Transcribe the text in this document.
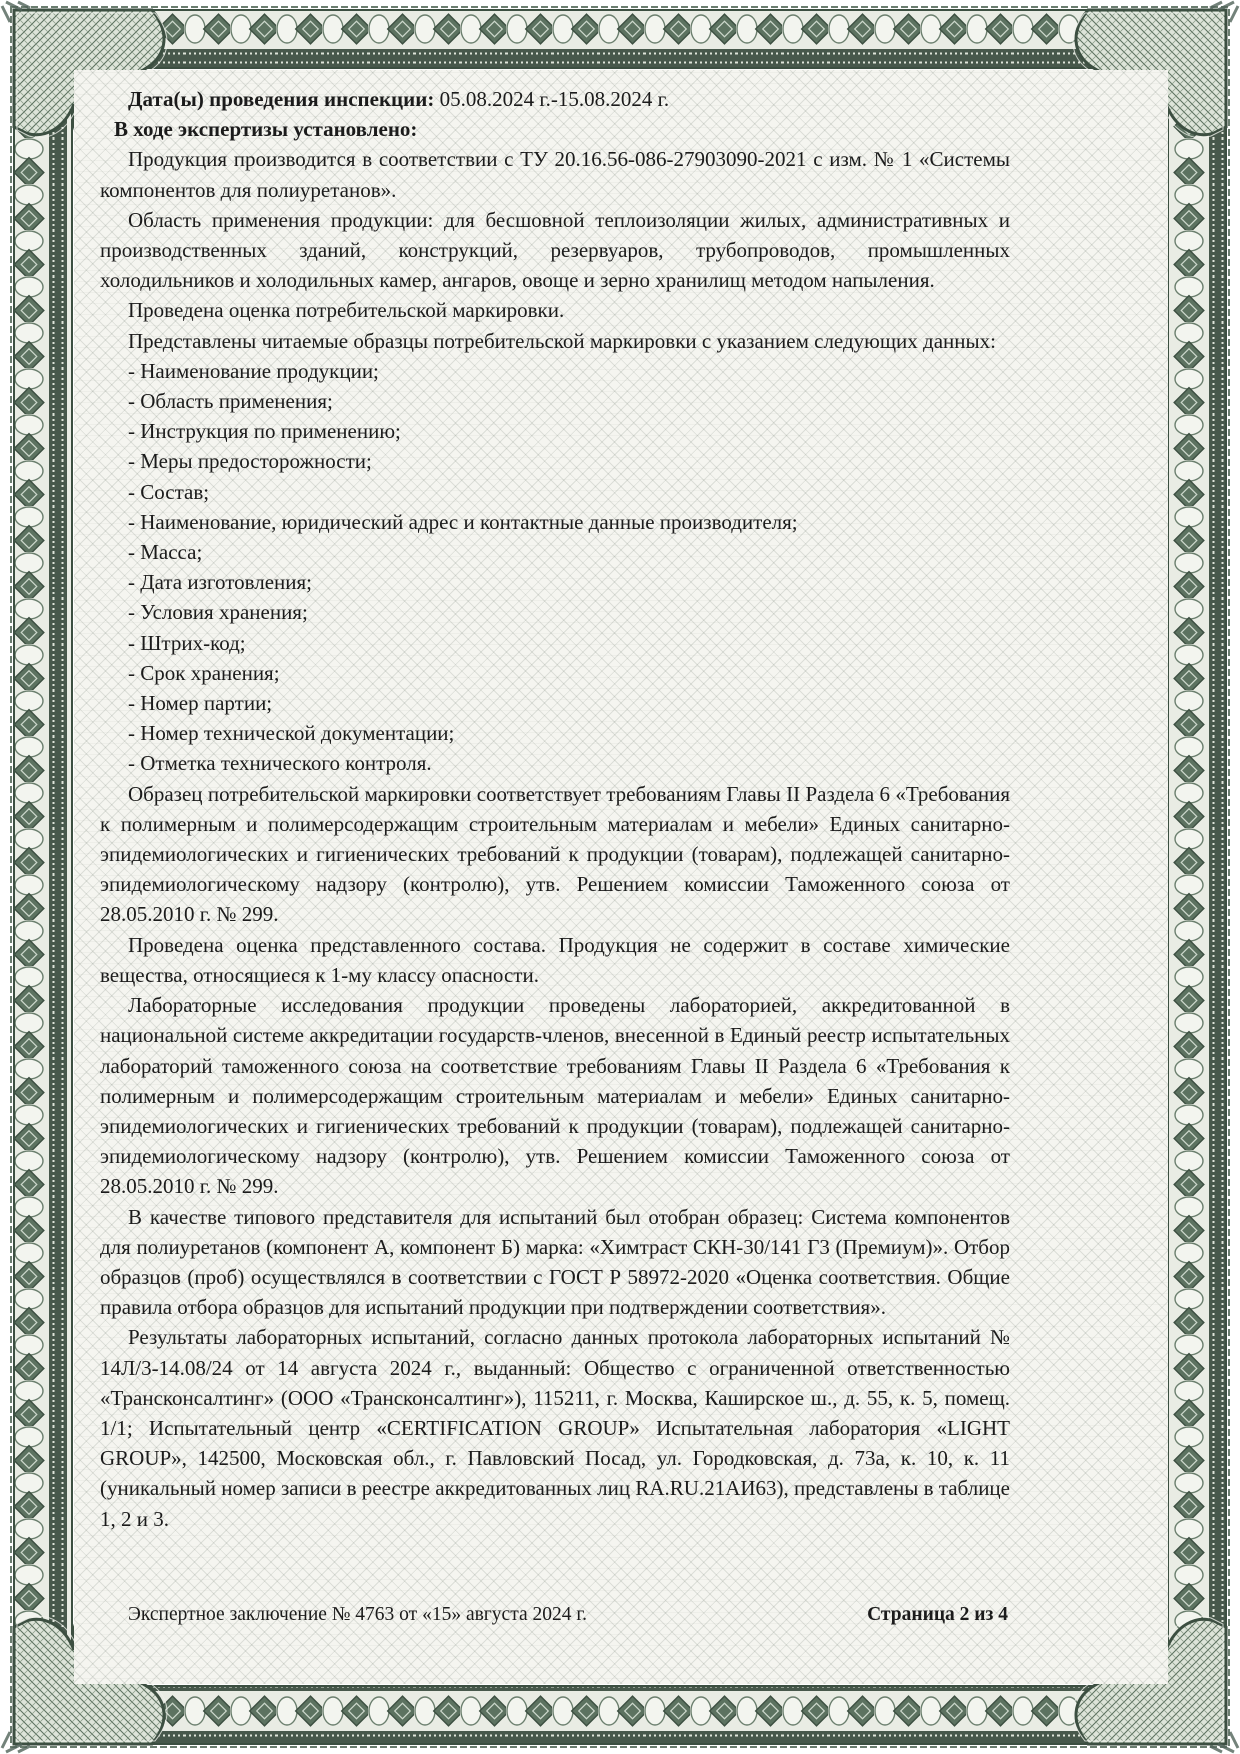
Дата(ы) проведения инспекции: 05.08.2024 г.-15.08.2024 г.

В ходе экспертизы установлено:

Продукция производится в соответствии с ТУ 20.16.56-086-27903090-2021 с изм. № 1 «Системы компонентов для полиуретанов».

Область применения продукции: для бесшовной теплоизоляции жилых, административных и производственных зданий, конструкций, резервуаров, трубопроводов, промышленных холодильников и холодильных камер, ангаров, овоще и зерно хранилищ методом напыления.

Проведена оценка потребительской маркировки.

Представлены читаемые образцы потребительской маркировки с указанием следующих данных:

- Наименование продукции;
- Область применения;
- Инструкция по применению;
- Меры предосторожности;
- Состав;
- Наименование, юридический адрес и контактные данные производителя;
- Масса;
- Дата изготовления;
- Условия хранения;
- Штрих-код;
- Срок хранения;
- Номер партии;
- Номер технической документации;
- Отметка технического контроля.

Образец потребительской маркировки соответствует требованиям Главы II Раздела 6 «Требования к полимерным и полимерсодержащим строительным материалам и мебели» Единых санитарно-эпидемиологических и гигиенических требований к продукции (товарам), подлежащей санитарно-эпидемиологическому надзору (контролю), утв. Решением комиссии Таможенного союза от 28.05.2010 г. № 299.

Проведена оценка представленного состава. Продукция не содержит в составе химические вещества, относящиеся к 1-му классу опасности.

Лабораторные исследования продукции проведены лабораторией, аккредитованной в национальной системе аккредитации государств-членов, внесенной в Единый реестр испытательных лабораторий таможенного союза на соответствие требованиям Главы II Раздела 6 «Требования к полимерным и полимерсодержащим строительным материалам и мебели» Единых санитарно-эпидемиологических и гигиенических требований к продукции (товарам), подлежащей санитарно-эпидемиологическому надзору (контролю), утв. Решением комиссии Таможенного союза от 28.05.2010 г. № 299.

В качестве типового представителя для испытаний был отобран образец: Система компонентов для полиуретанов (компонент А, компонент Б) марка: «Химтраст СКН-30/141 Г3 (Премиум)». Отбор образцов (проб) осуществлялся в соответствии с ГОСТ Р 58972-2020 «Оценка соответствия. Общие правила отбора образцов для испытаний продукции при подтверждении соответствия».

Результаты лабораторных испытаний, согласно данных протокола лабораторных испытаний № 14Л/3-14.08/24 от 14 августа 2024 г., выданный: Общество с ограниченной ответственностью «Трансконсалтинг» (ООО «Трансконсалтинг»), 115211, г. Москва, Каширское ш., д. 55, к. 5, помещ. 1/1; Испытательный центр «CERTIFICATION GROUP» Испытательная лаборатория «LIGHT GROUP», 142500, Московская обл., г. Павловский Посад, ул. Городковская, д. 73а, к. 10, к. 11 (уникальный номер записи в реестре аккредитованных лиц RA.RU.21АИ63), представлены в таблице 1, 2 и 3.

Экспертное заключение № 4763 от «15» августа 2024 г.	Страница 2 из 4
